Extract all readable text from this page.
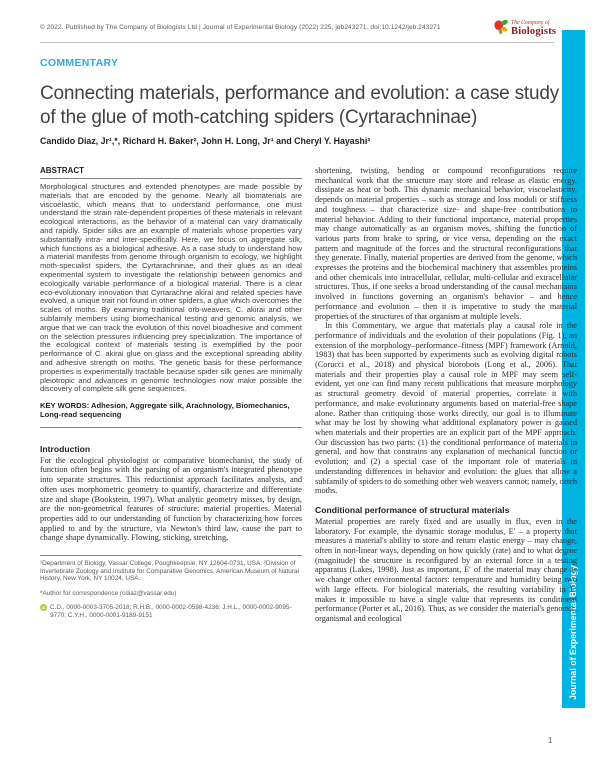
© 2022. Published by The Company of Biologists Ltd | Journal of Experimental Biology (2022) 225, jeb243271. doi:10.1242/jeb.243271
The Company of
Biologists
Journal of Experimental Biology
COMMENTARY
Connecting materials, performance and evolution: a case study of the glue of moth-catching spiders (Cyrtarachninae)
Candido Diaz, Jr¹,*, Richard H. Baker², John H. Long, Jr¹ and Cheryl Y. Hayashi²
ABSTRACT
Morphological structures and extended phenotypes are made possible by materials that are encoded by the genome. Nearly all biomaterials are viscoelastic, which means that to understand performance, one must understand the strain rate-dependent properties of these materials in relevant ecological interactions, as the behavior of a material can vary dramatically and rapidly. Spider silks are an example of materials whose properties vary substantially intra- and inter-specifically. Here, we focus on aggregate silk, which functions as a biological adhesive. As a case study to understand how a material manifests from genome through organism to ecology, we highlight moth-specialist spiders, the Cyrtarachninae, and their glues as an ideal experimental system to investigate the relationship between genomics and ecologically variable performance of a biological material. There is a clear eco-evolutionary innovation that Cyrtarachne akirai and related species have evolved, a unique trait not found in other spiders, a glue which overcomes the scales of moths. By examining traditional orb-weavers, C. akirai and other subfamily members using biomechanical testing and genomic analysis, we argue that we can track the evolution of this novel bioadhesive and comment on the selection pressures influencing prey specialization. The importance of the ecological context of materials testing is exemplified by the poor performance of C. akirai glue on glass and the exceptional spreading ability and adhesive strength on moths. The genetic basis for these performance properties is experimentally tractable because spider silk genes are minimally pleiotropic and advances in genomic technologies now make possible the discovery of complete silk gene sequences.
KEY WORDS: Adhesion, Aggregate silk, Arachnology, Biomechanics, Long-read sequencing
Introduction
For the ecological physiologist or comparative biomechanist, the study of function often begins with the parsing of an organism's integrated phenotype into separate structures. This reductionist approach facilitates analysis, and often uses morphometric geometry to quantify, characterize and differentiate size and shape (Bookstein, 1997). What analytic geometry misses, by design, are the non-geometrical features of structure: material properties. Material properties add to our understanding of function by characterizing how forces applied to and by the structure, via Newton's third law, cause the part to change shape dynamically. Flowing, sticking, stretching,

¹Department of Biology, Vassar College, Poughkeepsie, NY 12604-0731, USA. ²Division of Invertebrate Zoology and Institute for Comparative Genomics, American Museum of Natural History, New York, NY 10024, USA.

*Author for correspondence (cdiaz@vassar.edu)

iD C.D., 0000-0003-3705-2018; R.H.B., 0000-0002-0598-4236; J.H.L., 0000-0002-9095-9770; C.Y.H., 0000-0001-9189-9151

shortening, twisting, bending or compound reconfigurations require mechanical work that the structure may store and release as elastic energy, dissipate as heat or both. This dynamic mechanical behavior, viscoelasticity, depends on material properties – such as storage and loss moduli or stiffness and toughness – that characterize size- and shape-free contributions to material behavior. Adding to their functional importance, material properties may change automatically as an organism moves, shifting the function of various parts from brake to spring, or vice versa, depending on the exact pattern and magnitude of the forces and the structural reconfigurations that they generate. Finally, material properties are derived from the genome, which expresses the proteins and the biochemical machinery that assembles proteins and other chemicals into intracellular, cellular, multi-cellular and extracellular structures. Thus, if one seeks a broad understanding of the causal mechanisms involved in functions governing an organism's behavior – and hence performance and evolution – then it is imperative to study the material properties of the structures of that organism at multiple levels.
In this Commentary, we argue that materials play a causal role in the performance of individuals and the evolution of their populations (Fig. 1), an extension of the morphology–performance–fitness (MPF) framework (Arnold, 1983) that has been supported by experiments such as evolving digital robots (Corucci et al., 2018) and physical biorobots (Long et al., 2006). That materials and their properties play a causal role in MPF may seem self-evident, yet one can find many recent publications that measure morphology as structural geometry devoid of material properties, correlate it with performance, and make evolutionary arguments based on material-free shape alone. Rather than critiquing those works directly, our goal is to illuminate what may be lost by showing what additional explanatory power is gained when materials and their properties are an explicit part of the MPF approach. Our discussion has two parts: (1) the conditional performance of materials in general, and how that constrains any explanation of mechanical function or evolution; and (2) a special case of the important role of materials in understanding differences in behavior and evolution: the glues that allow a subfamily of spiders to do something other web weavers cannot; namely, catch moths.
Conditional performance of structural materials
Material properties are rarely fixed and are usually in flux, even in the laboratory. For example, the dynamic storage modulus, E′ – a property that measures a material's ability to store and return elastic energy – may change, often in non-linear ways, depending on how quickly (rate) and to what degree (magnitude) the structure is reconfigured by an external force in a testing apparatus (Lakes, 1998). Just as important, E′ of the material may change as we change other environmental factors: temperature and humidity being two with large effects. For biological materials, the resulting variability in E′ makes it impossible to have a single value that represents its conditional performance (Porter et al., 2016). Thus, as we consider the material's genomic, organismal and ecological
1
